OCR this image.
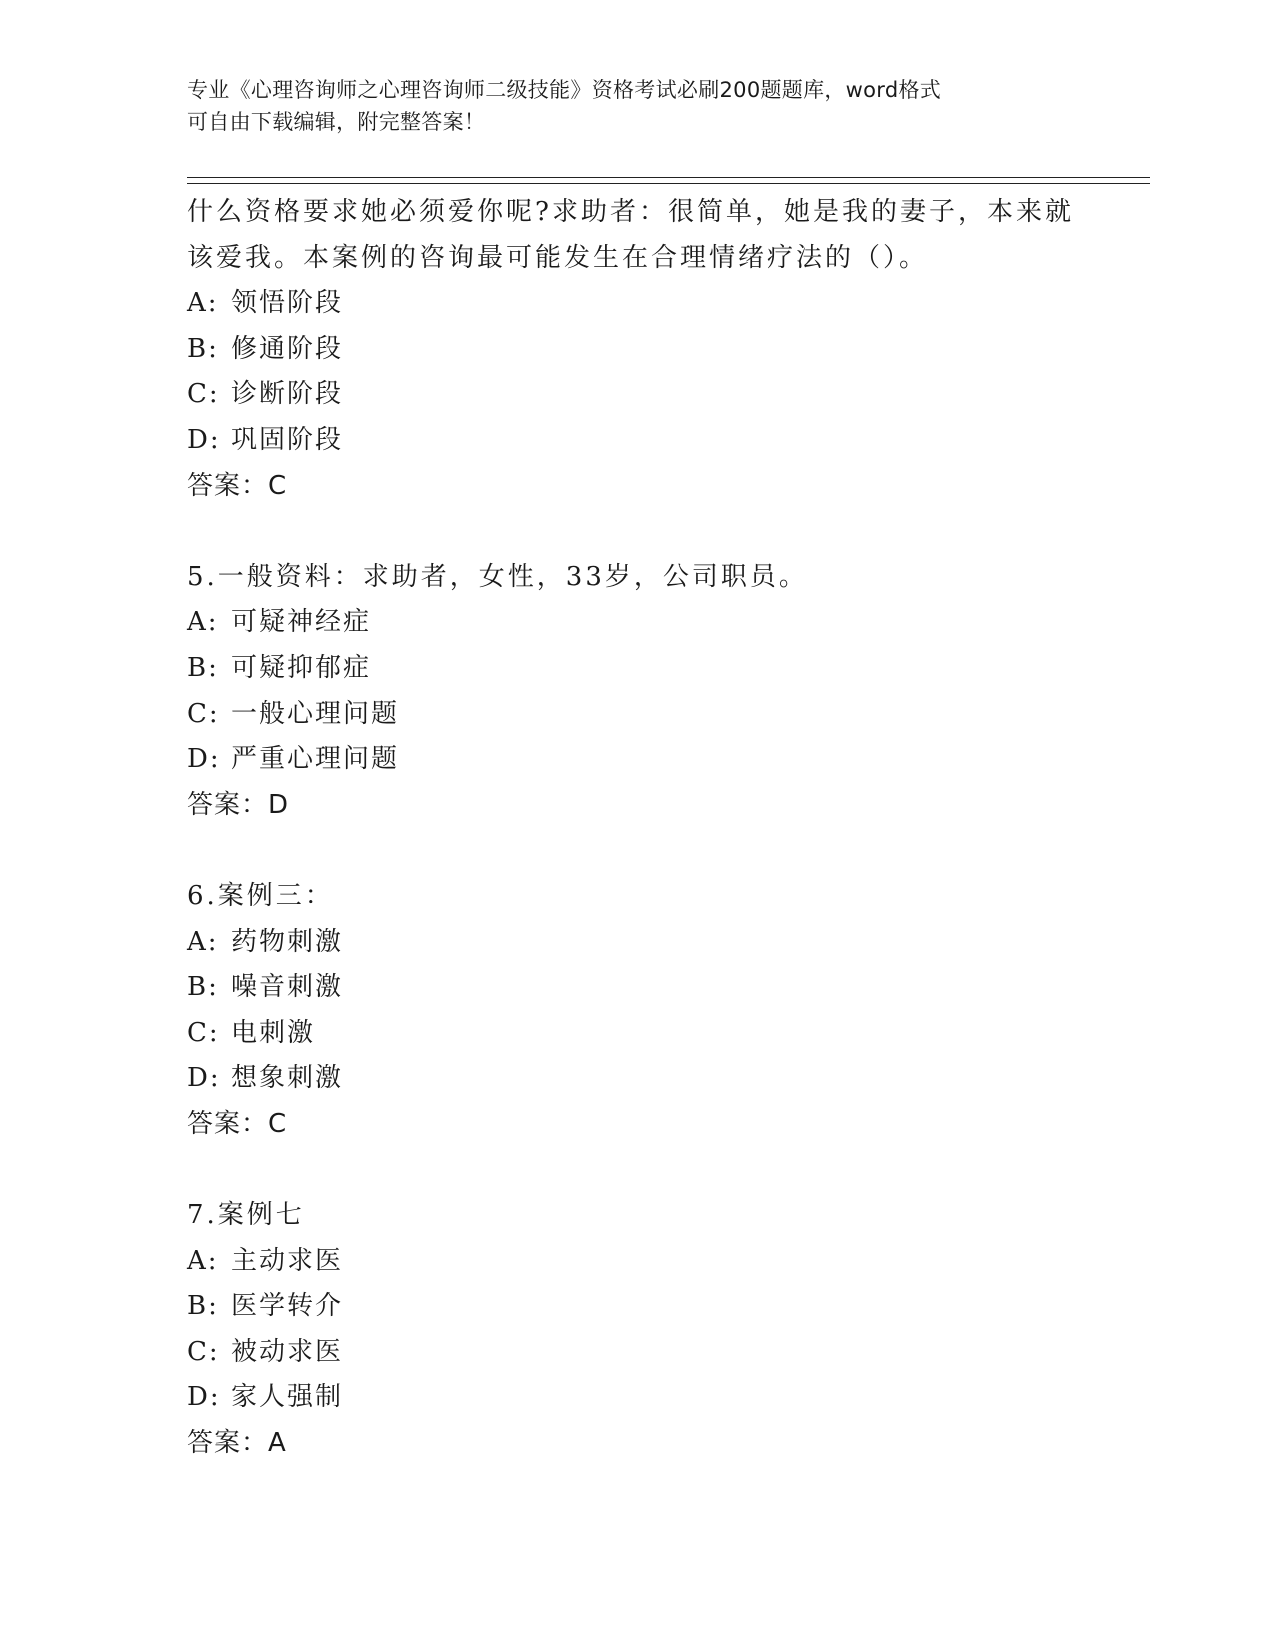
专业《心理咨询师之心理咨询师二级技能》资格考试必刷200题题库，word格式
可自由下载编辑，附完整答案！
什么资格要求她必须爱你呢?求助者：很简单，她是我的妻子，本来就
该爱我。本案例的咨询最可能发生在合理情绪疗法的（）。
A: 领悟阶段
B: 修通阶段
C: 诊断阶段
D: 巩固阶段
答案：C
5.一般资料：求助者，女性，33岁，公司职员。
A: 可疑神经症
B: 可疑抑郁症
C: 一般心理问题
D: 严重心理问题
答案：D
6.案例三：
A: 药物刺激
B: 噪音刺激
C: 电刺激
D: 想象刺激
答案：C
7.案例七
A: 主动求医
B: 医学转介
C: 被动求医
D: 家人强制
答案：A
